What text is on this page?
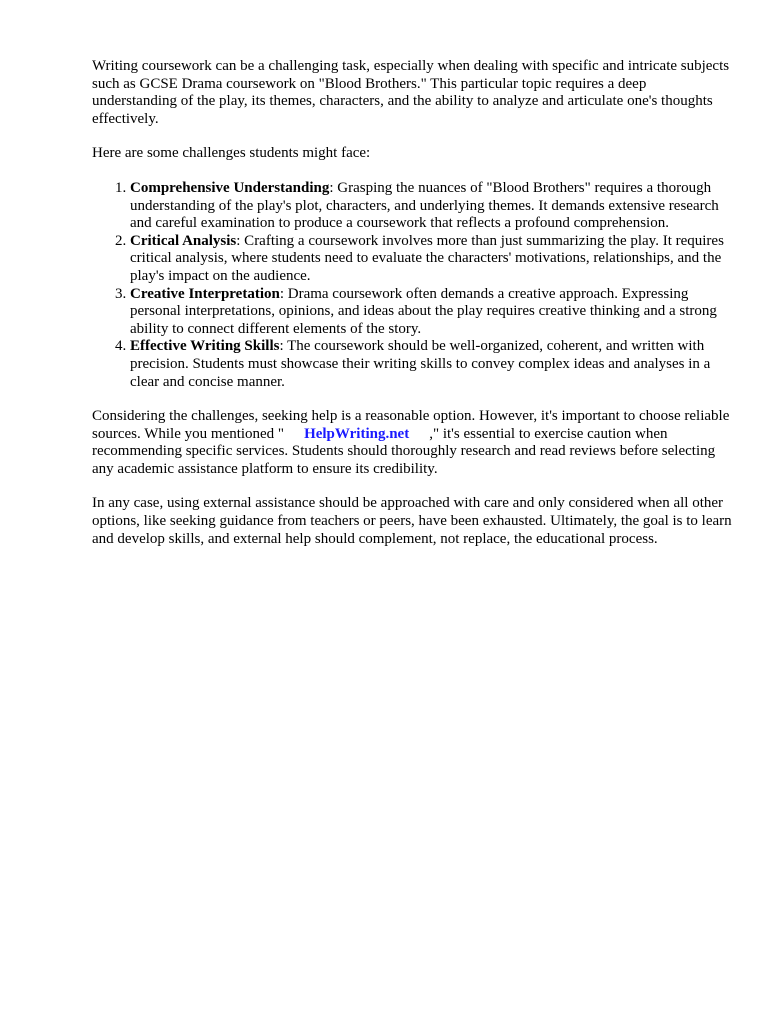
Writing coursework can be a challenging task, especially when dealing with specific and intricate subjects such as GCSE Drama coursework on "Blood Brothers." This particular topic requires a deep understanding of the play, its themes, characters, and the ability to analyze and articulate one's thoughts effectively.

Here are some challenges students might face:

1. Comprehensive Understanding: Grasping the nuances of "Blood Brothers" requires a thorough understanding of the play's plot, characters, and underlying themes. It demands extensive research and careful examination to produce a coursework that reflects a profound comprehension.
2. Critical Analysis: Crafting a coursework involves more than just summarizing the play. It requires critical analysis, where students need to evaluate the characters' motivations, relationships, and the play's impact on the audience.
3. Creative Interpretation: Drama coursework often demands a creative approach. Expressing personal interpretations, opinions, and ideas about the play requires creative thinking and a strong ability to connect different elements of the story.
4. Effective Writing Skills: The coursework should be well-organized, coherent, and written with precision. Students must showcase their writing skills to convey complex ideas and analyses in a clear and concise manner.

Considering the challenges, seeking help is a reasonable option. However, it's important to choose reliable sources. While you mentioned " HelpWriting.net ," it's essential to exercise caution when recommending specific services. Students should thoroughly research and read reviews before selecting any academic assistance platform to ensure its credibility.

In any case, using external assistance should be approached with care and only considered when all other options, like seeking guidance from teachers or peers, have been exhausted. Ultimately, the goal is to learn and develop skills, and external help should complement, not replace, the educational process.
